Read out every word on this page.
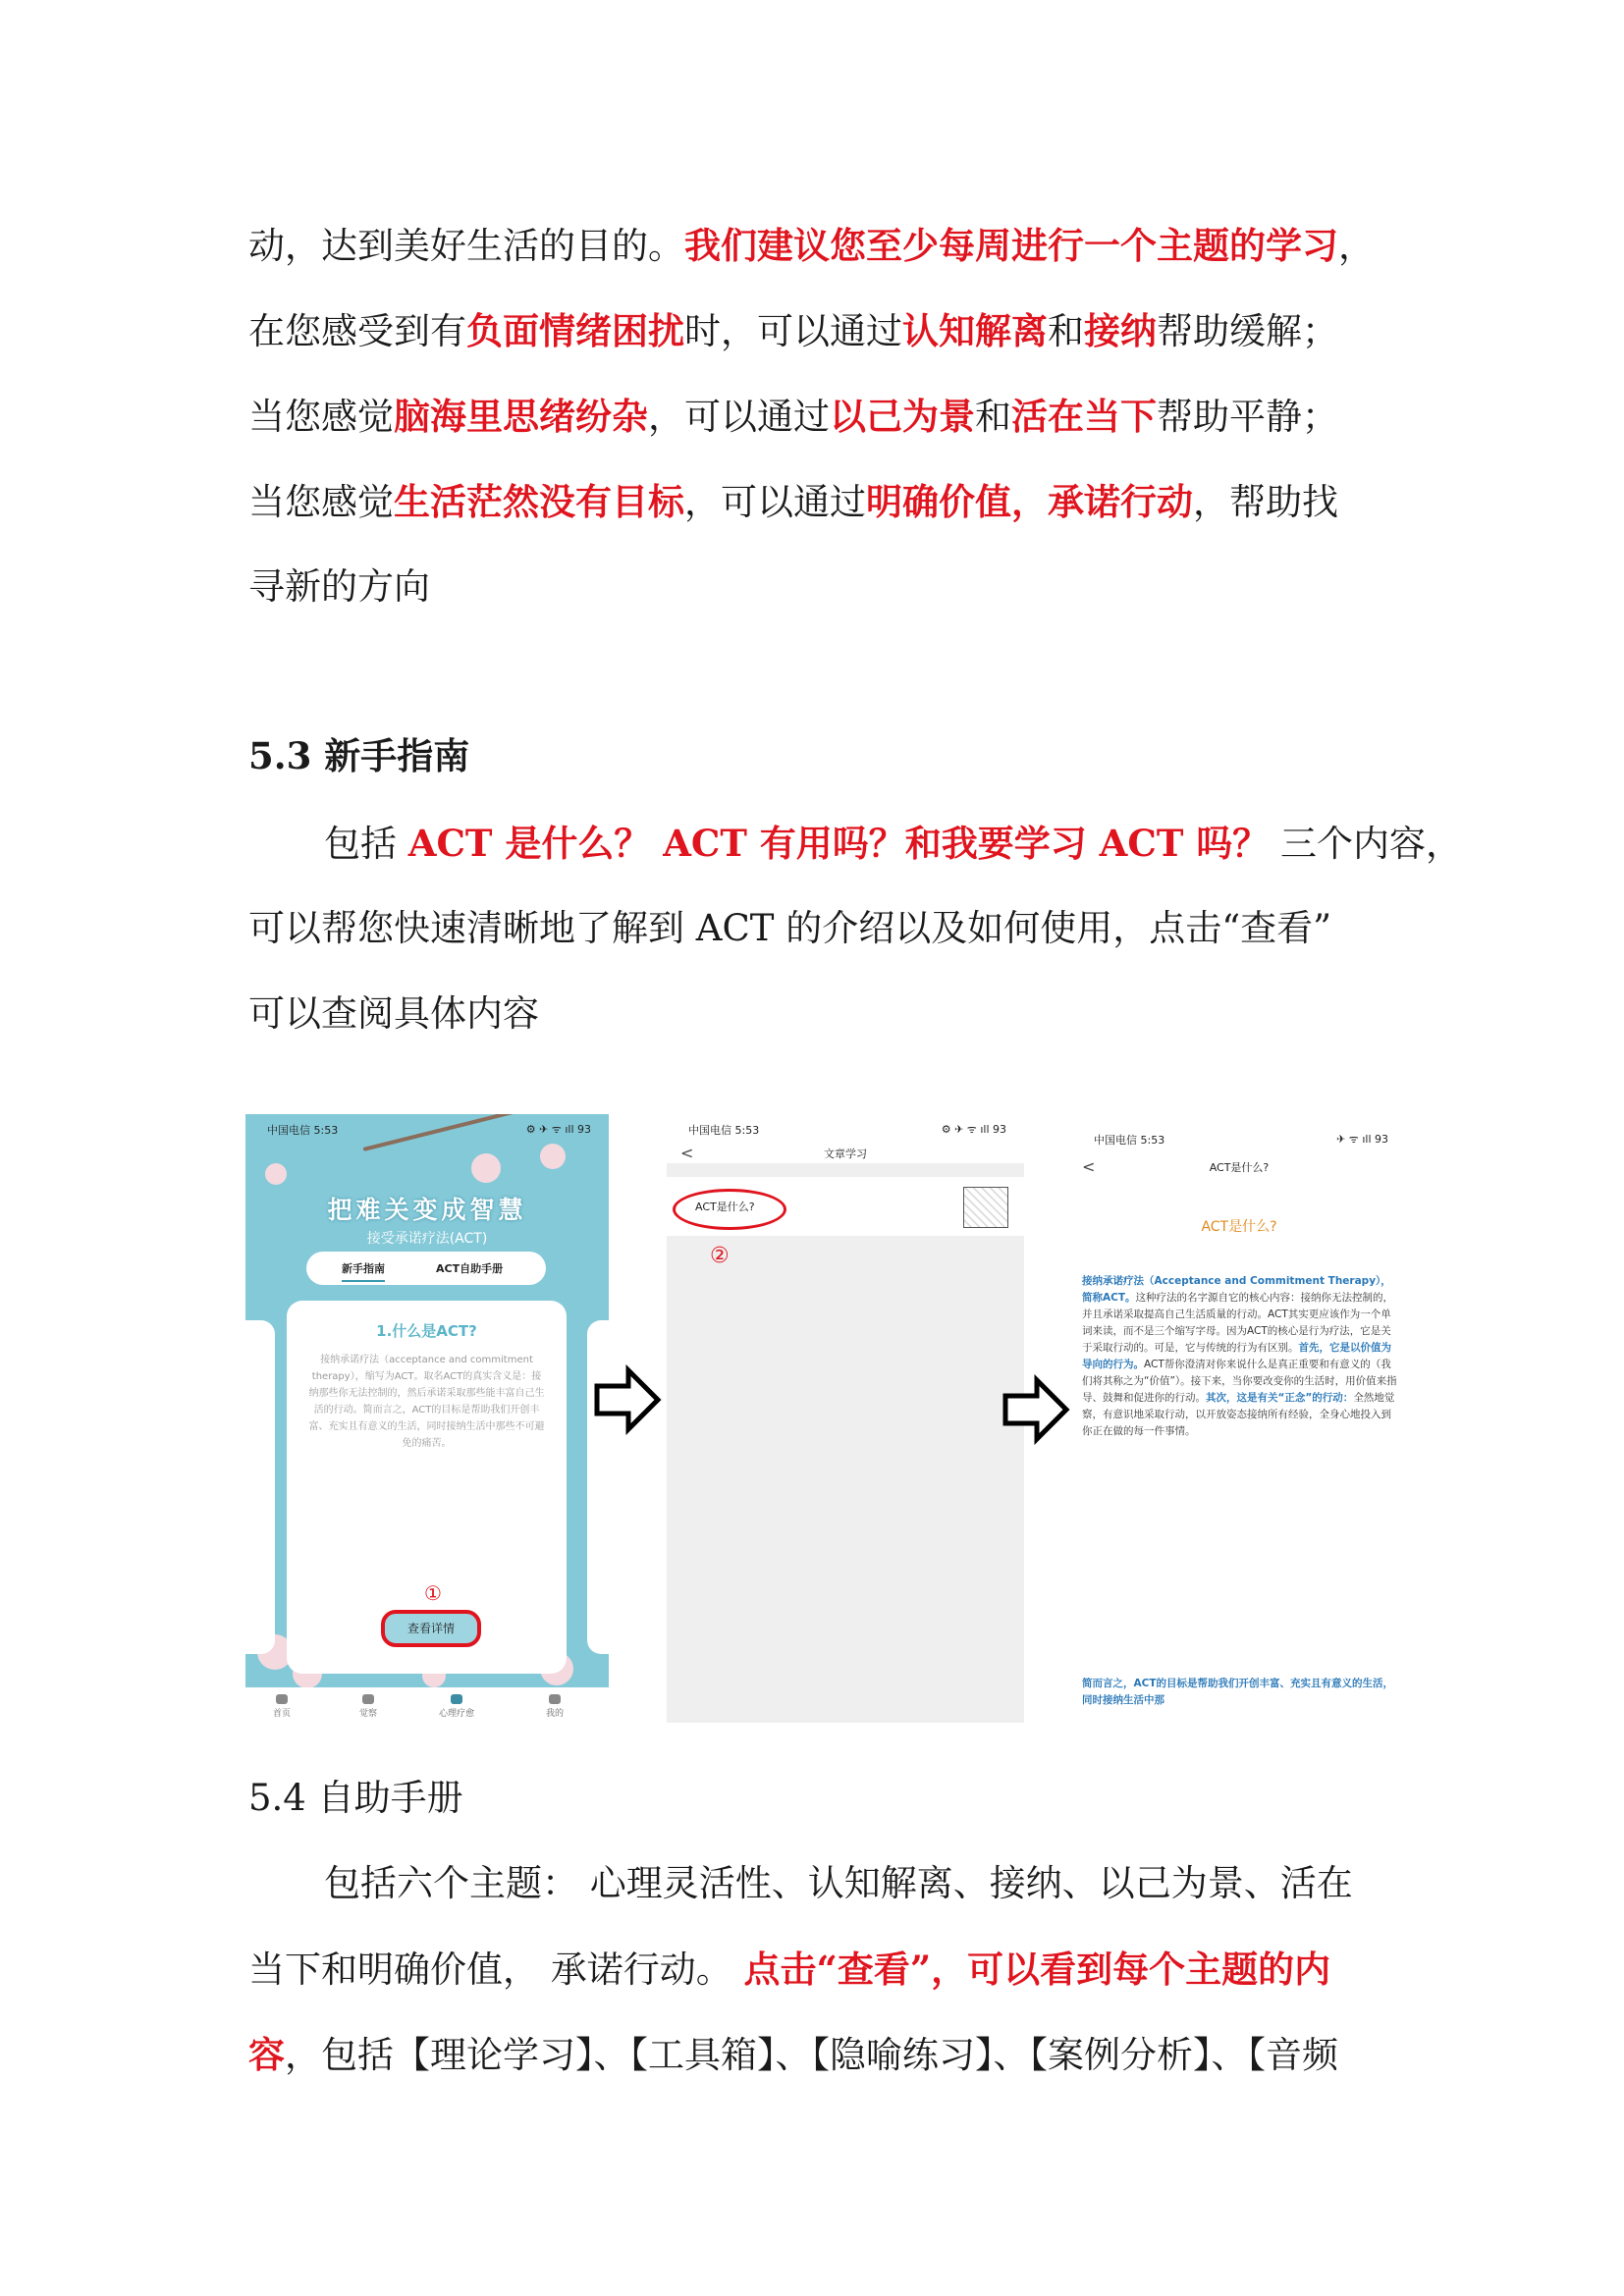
动，达到美好生活的目的。我们建议您至少每周进行一个主题的学习，
在您感受到有负面情绪困扰时，可以通过认知解离和接纳帮助缓解；
当您感觉脑海里思绪纷杂，可以通过以己为景和活在当下帮助平静；
当您感觉生活茫然没有目标，可以通过明确价值，承诺行动，帮助找
寻新的方向
5.3 新手指南
包括 ACT 是什么？ ACT 有用吗？和我要学习 ACT 吗？ 三个内容，
可以帮您快速清晰地了解到 ACT 的介绍以及如何使用，点击“查看”
可以查阅具体内容
中国电信 5:53	⚙ ✈ ᯤ ıll 93
把难关变成智慧
接受承诺疗法(ACT)
新手指南	ACT自助手册
1.什么是ACT?
接纳承诺疗法（acceptance and commitment therapy），缩写为ACT。取名ACT的真实含义是：接纳那些你无法控制的，然后承诺采取那些能丰富自己生活的行动。简而言之，ACT的目标是帮助我们开创丰富、充实且有意义的生活，同时接纳生活中那些不可避免的痛苦。
①
查看详情
首页	觉察	心理疗愈	我的
中国电信 5:53	⚙ ✈ ᯤ ıll 93
<	文章学习
ACT是什么?
②
中国电信 5:53	✈ ᯤ ıll 93
<	ACT是什么?
ACT是什么?
接纳承诺疗法（Acceptance and Commitment Therapy），简称ACT。这种疗法的名字源自它的核心内容：接纳你无法控制的，并且承诺采取提高自己生活质量的行动。ACT其实更应该作为一个单词来读，而不是三个缩写字母。因为ACT的核心是行为疗法，它是关于采取行动的。可是，它与传统的行为有区别。首先，它是以价值为导向的行为。ACT帮你澄清对你来说什么是真正重要和有意义的（我们将其称之为“价值”）。接下来，当你要改变你的生活时，用价值来指导、鼓舞和促进你的行动。其次，这是有关“正念”的行动：全然地觉察，有意识地采取行动，以开放姿态接纳所有经验，全身心地投入到你正在做的每一件事情。
简而言之，ACT的目标是帮助我们开创丰富、充实且有意义的生活，同时接纳生活中那
5.4 自助手册
包括六个主题： 心理灵活性、认知解离、接纳、以己为景、活在
当下和明确价值， 承诺行动。 点击“查看”，可以看到每个主题的内
容，包括【理论学习】、【工具箱】、【隐喻练习】、【案例分析】、【音频
